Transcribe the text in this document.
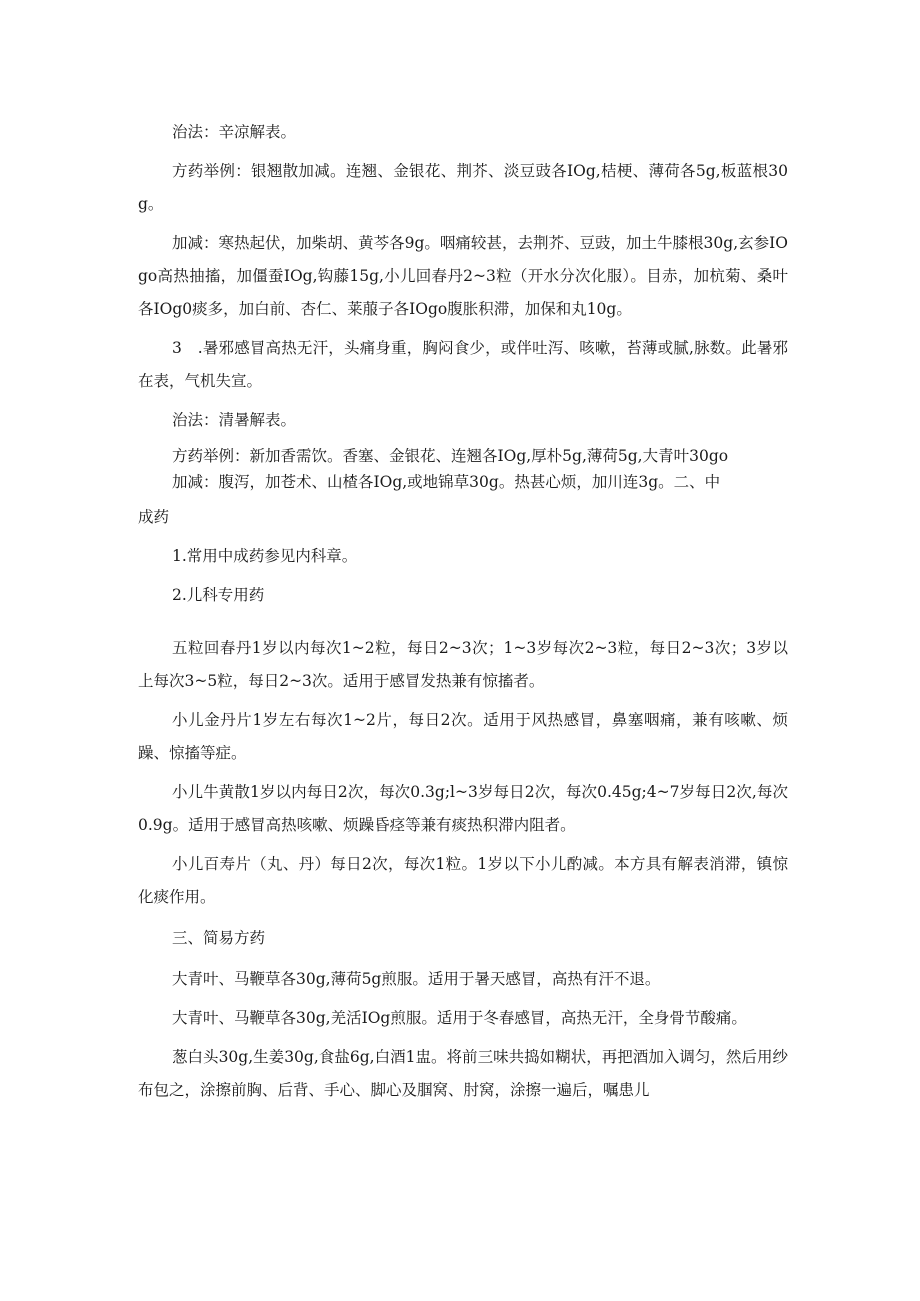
治法：辛凉解表。

方药举例：银翘散加减。连翘、金银花、荆芥、淡豆豉各IOg,桔梗、薄荷各5g,板蓝根30g。

加减：寒热起伏，加柴胡、黄芩各9g。咽痛较甚，去荆芥、豆豉，加土牛膝根30g,玄参IOgo高热抽搐，加僵蚕IOg,钩藤15g,小儿回春丹2~3粒（开水分次化服）。目赤，加杭菊、桑叶各IOg0痰多，加白前、杏仁、莱菔子各IOgo腹胀积滞，加保和丸10g。

3　.暑邪感冒高热无汗，头痛身重，胸闷食少，或伴吐泻、咳嗽，苔薄或腻,脉数。此暑邪在表，气机失宣。

治法：清暑解表。

方药举例：新加香需饮。香塞、金银花、连翘各IOg,厚朴5g,薄荷5g,大青叶30go

加减：腹泻，加苍术、山楂各IOg,或地锦草30g。热甚心烦，加川连3g。二、中

成药

1.常用中成药参见内科章。

2.儿科专用药

五粒回春丹1岁以内每次1~2粒，每日2~3次；1~3岁每次2~3粒，每日2~3次；3岁以上每次3~5粒，每日2~3次。适用于感冒发热兼有惊搐者。

小儿金丹片1岁左右每次1~2片，每日2次。适用于风热感冒，鼻塞咽痛，兼有咳嗽、烦躁、惊搐等症。

小儿牛黄散1岁以内每日2次，每次0.3g;l~3岁每日2次，每次0.45g;4~7岁每日2次,每次0.9g。适用于感冒高热咳嗽、烦躁昏痉等兼有痰热积滞内阻者。

小儿百寿片（丸、丹）每日2次，每次1粒。1岁以下小儿酌减。本方具有解表消滞，镇惊化痰作用。

三、简易方药

大青叶、马鞭草各30g,薄荷5g煎服。适用于暑天感冒，高热有汗不退。

大青叶、马鞭草各30g,羌活IOg煎服。适用于冬春感冒，高热无汗，全身骨节酸痛。

葱白头30g,生姜30g,食盐6g,白酒1盅。将前三味共捣如糊状，再把酒加入调匀，然后用纱布包之，涂擦前胸、后背、手心、脚心及腘窝、肘窝，涂擦一遍后，嘱患儿
